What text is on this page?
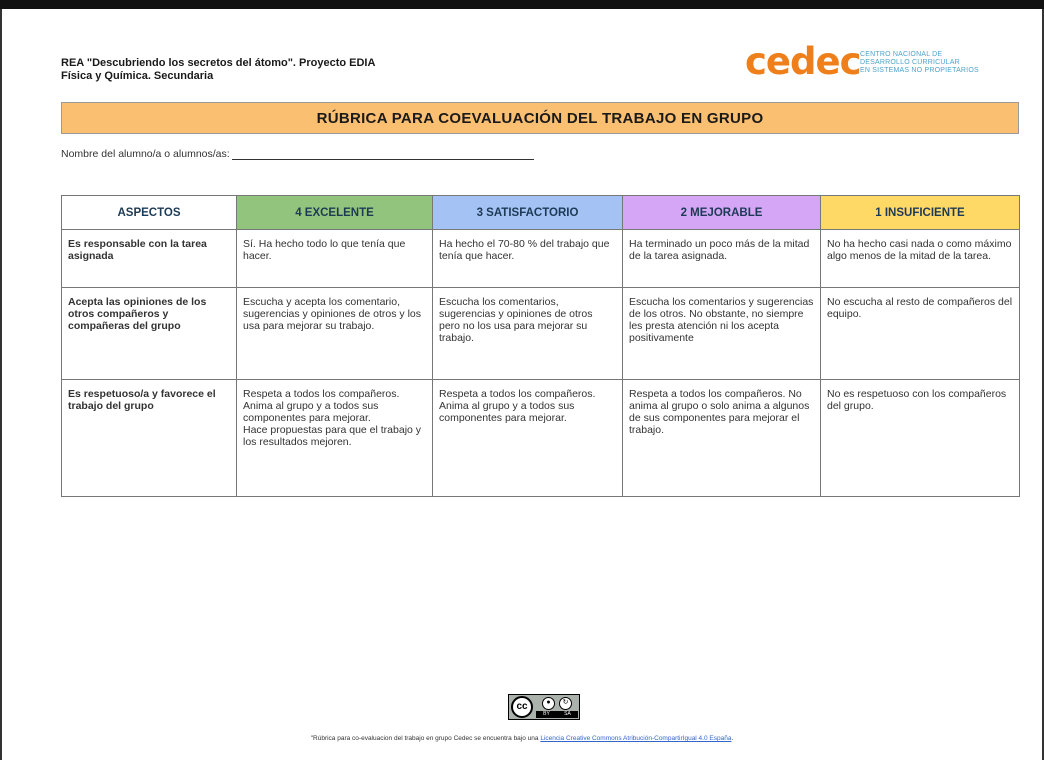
REA "Descubriendo los secretos del átomo". Proyecto EDIA
Física y Química. Secundaria	cedec CENTRO NACIONAL DE
DESARROLLO CURRICULAR
EN SISTEMAS NO PROPIETARIOS
RÚBRICA PARA COEVALUACIÓN DEL TRABAJO EN GRUPO
Nombre del alumno/a o alumnos/as:
ASPECTOS	4 EXCELENTE	3 SATISFACTORIO	2 MEJORABLE	1 INSUFICIENTE
Es responsable con la tarea asignada	Sí. Ha hecho todo lo que tenía que hacer.	Ha hecho el 70-80 % del trabajo que tenía que hacer.	Ha terminado un poco más de la mitad de la tarea asignada.	No ha hecho casi nada o como máximo algo menos de la mitad de la tarea.
Acepta las opiniones de los otros compañeros y compañeras del grupo	Escucha y acepta los comentario, sugerencias y opiniones de otros y los usa para mejorar su trabajo.	Escucha los comentarios, sugerencias y opiniones de otros pero no los usa para mejorar su trabajo.	Escucha los comentarios y sugerencias de los otros. No obstante, no siempre les presta atención ni los acepta positivamente	No escucha al resto de compañeros del equipo.
Es respetuoso/a y favorece el trabajo del grupo	Respeta a todos los compañeros. Anima al grupo y a todos sus componentes para mejorar.
Hace propuestas para que el trabajo y los resultados mejoren.	Respeta a todos los compañeros. Anima al grupo y a todos sus componentes para mejorar.	Respeta a todos los compañeros. No anima al grupo o solo anima a algunos de sus componentes para mejorar el trabajo.	No es respetuoso con los compañeros del grupo.
cc	●	↻
BY	SA
"Rúbrica para co-evaluacion del trabajo en grupo Cedec se encuentra bajo una Licencia Creative Commons Atribución-CompartirIgual 4.0 España.
